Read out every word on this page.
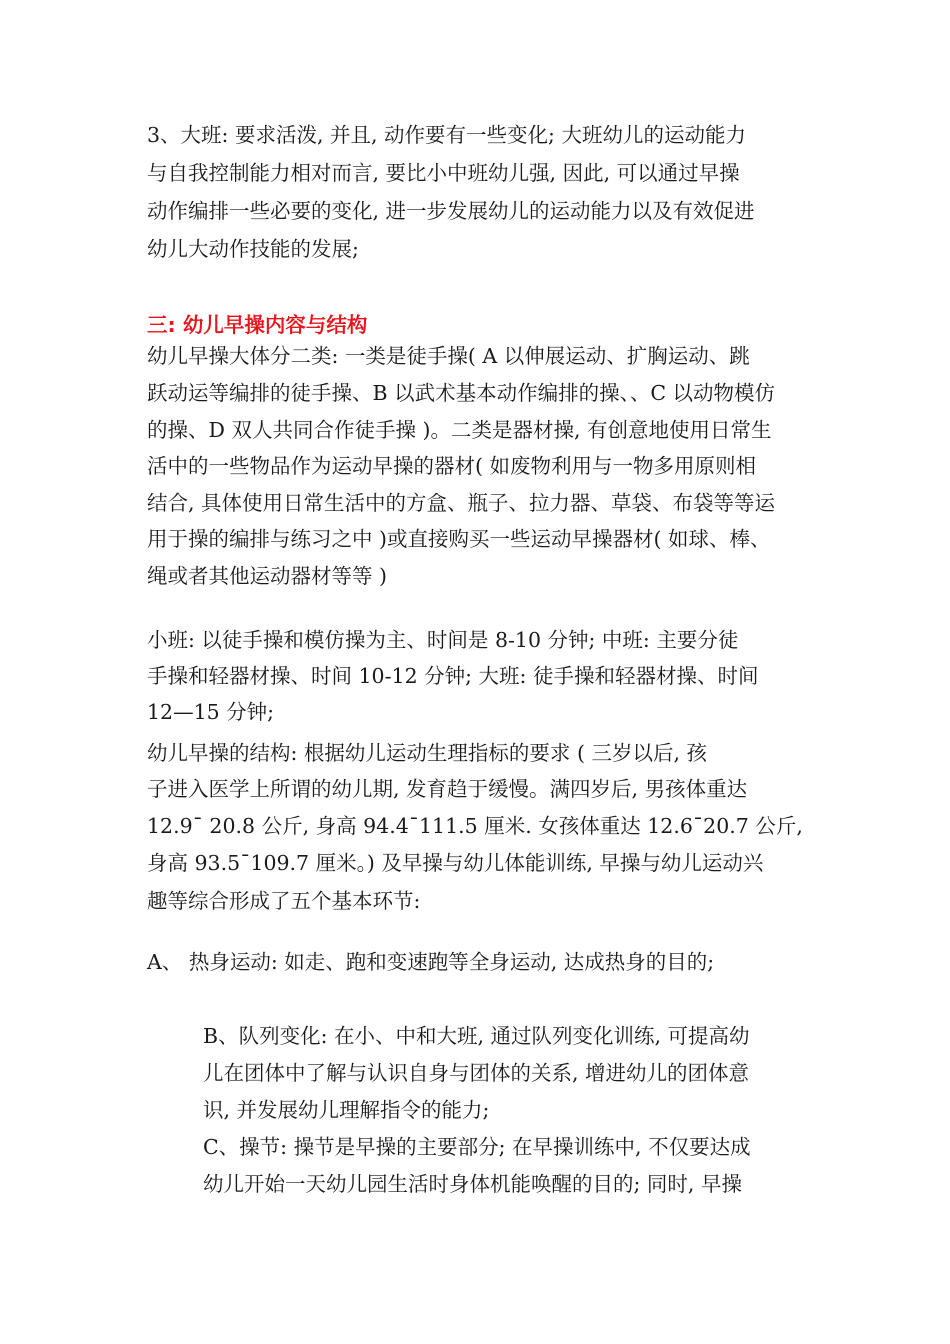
3、大班: 要求活泼, 并且, 动作要有一些变化; 大班幼儿的运动能力
与自我控制能力相对而言, 要比小中班幼儿强, 因此, 可以通过早操
动作编排一些必要的变化, 进一步发展幼儿的运动能力以及有效促进
幼儿大动作技能的发展;
三: 幼儿早操内容与结构
幼儿早操大体分二类: 一类是徒手操( A 以伸展运动、扩胸运动、跳
跃动运等编排的徒手操、B 以武术基本动作编排的操、、C 以动物模仿
的操、D 双人共同合作徒手操 )。二类是器材操, 有创意地使用日常生
活中的一些物品作为运动早操的器材( 如废物利用与一物多用原则相
结合, 具体使用日常生活中的方盒、瓶子、拉力器、草袋、布袋等等运
用于操的编排与练习之中 )或直接购买一些运动早操器材( 如球、棒、
绳或者其他运动器材等等 )
小班: 以徒手操和模仿操为主、时间是 8-10 分钟; 中班: 主要分徒
手操和轻器材操、时间 10-12 分钟; 大班: 徒手操和轻器材操、时间
12—15 分钟;
幼儿早操的结构: 根据幼儿运动生理指标的要求 ( 三岁以后, 孩
子进入医学上所谓的幼儿期, 发育趋于缓慢。满四岁后, 男孩体重达
12.9¯ 20.8 公斤, 身高 94.4¯111.5 厘米. 女孩体重达 12.6¯20.7 公斤,
身高 93.5¯109.7 厘米。) 及早操与幼儿体能训练, 早操与幼儿运动兴
趣等综合形成了五个基本环节:
A、 热身运动: 如走、跑和变速跑等全身运动, 达成热身的目的;
B、队列变化: 在小、中和大班, 通过队列变化训练, 可提高幼
儿在团体中了解与认识自身与团体的关系, 增进幼儿的团体意
识, 并发展幼儿理解指令的能力;
C、操节: 操节是早操的主要部分; 在早操训练中, 不仅要达成
幼儿开始一天幼儿园生活时身体机能唤醒的目的; 同时, 早操
